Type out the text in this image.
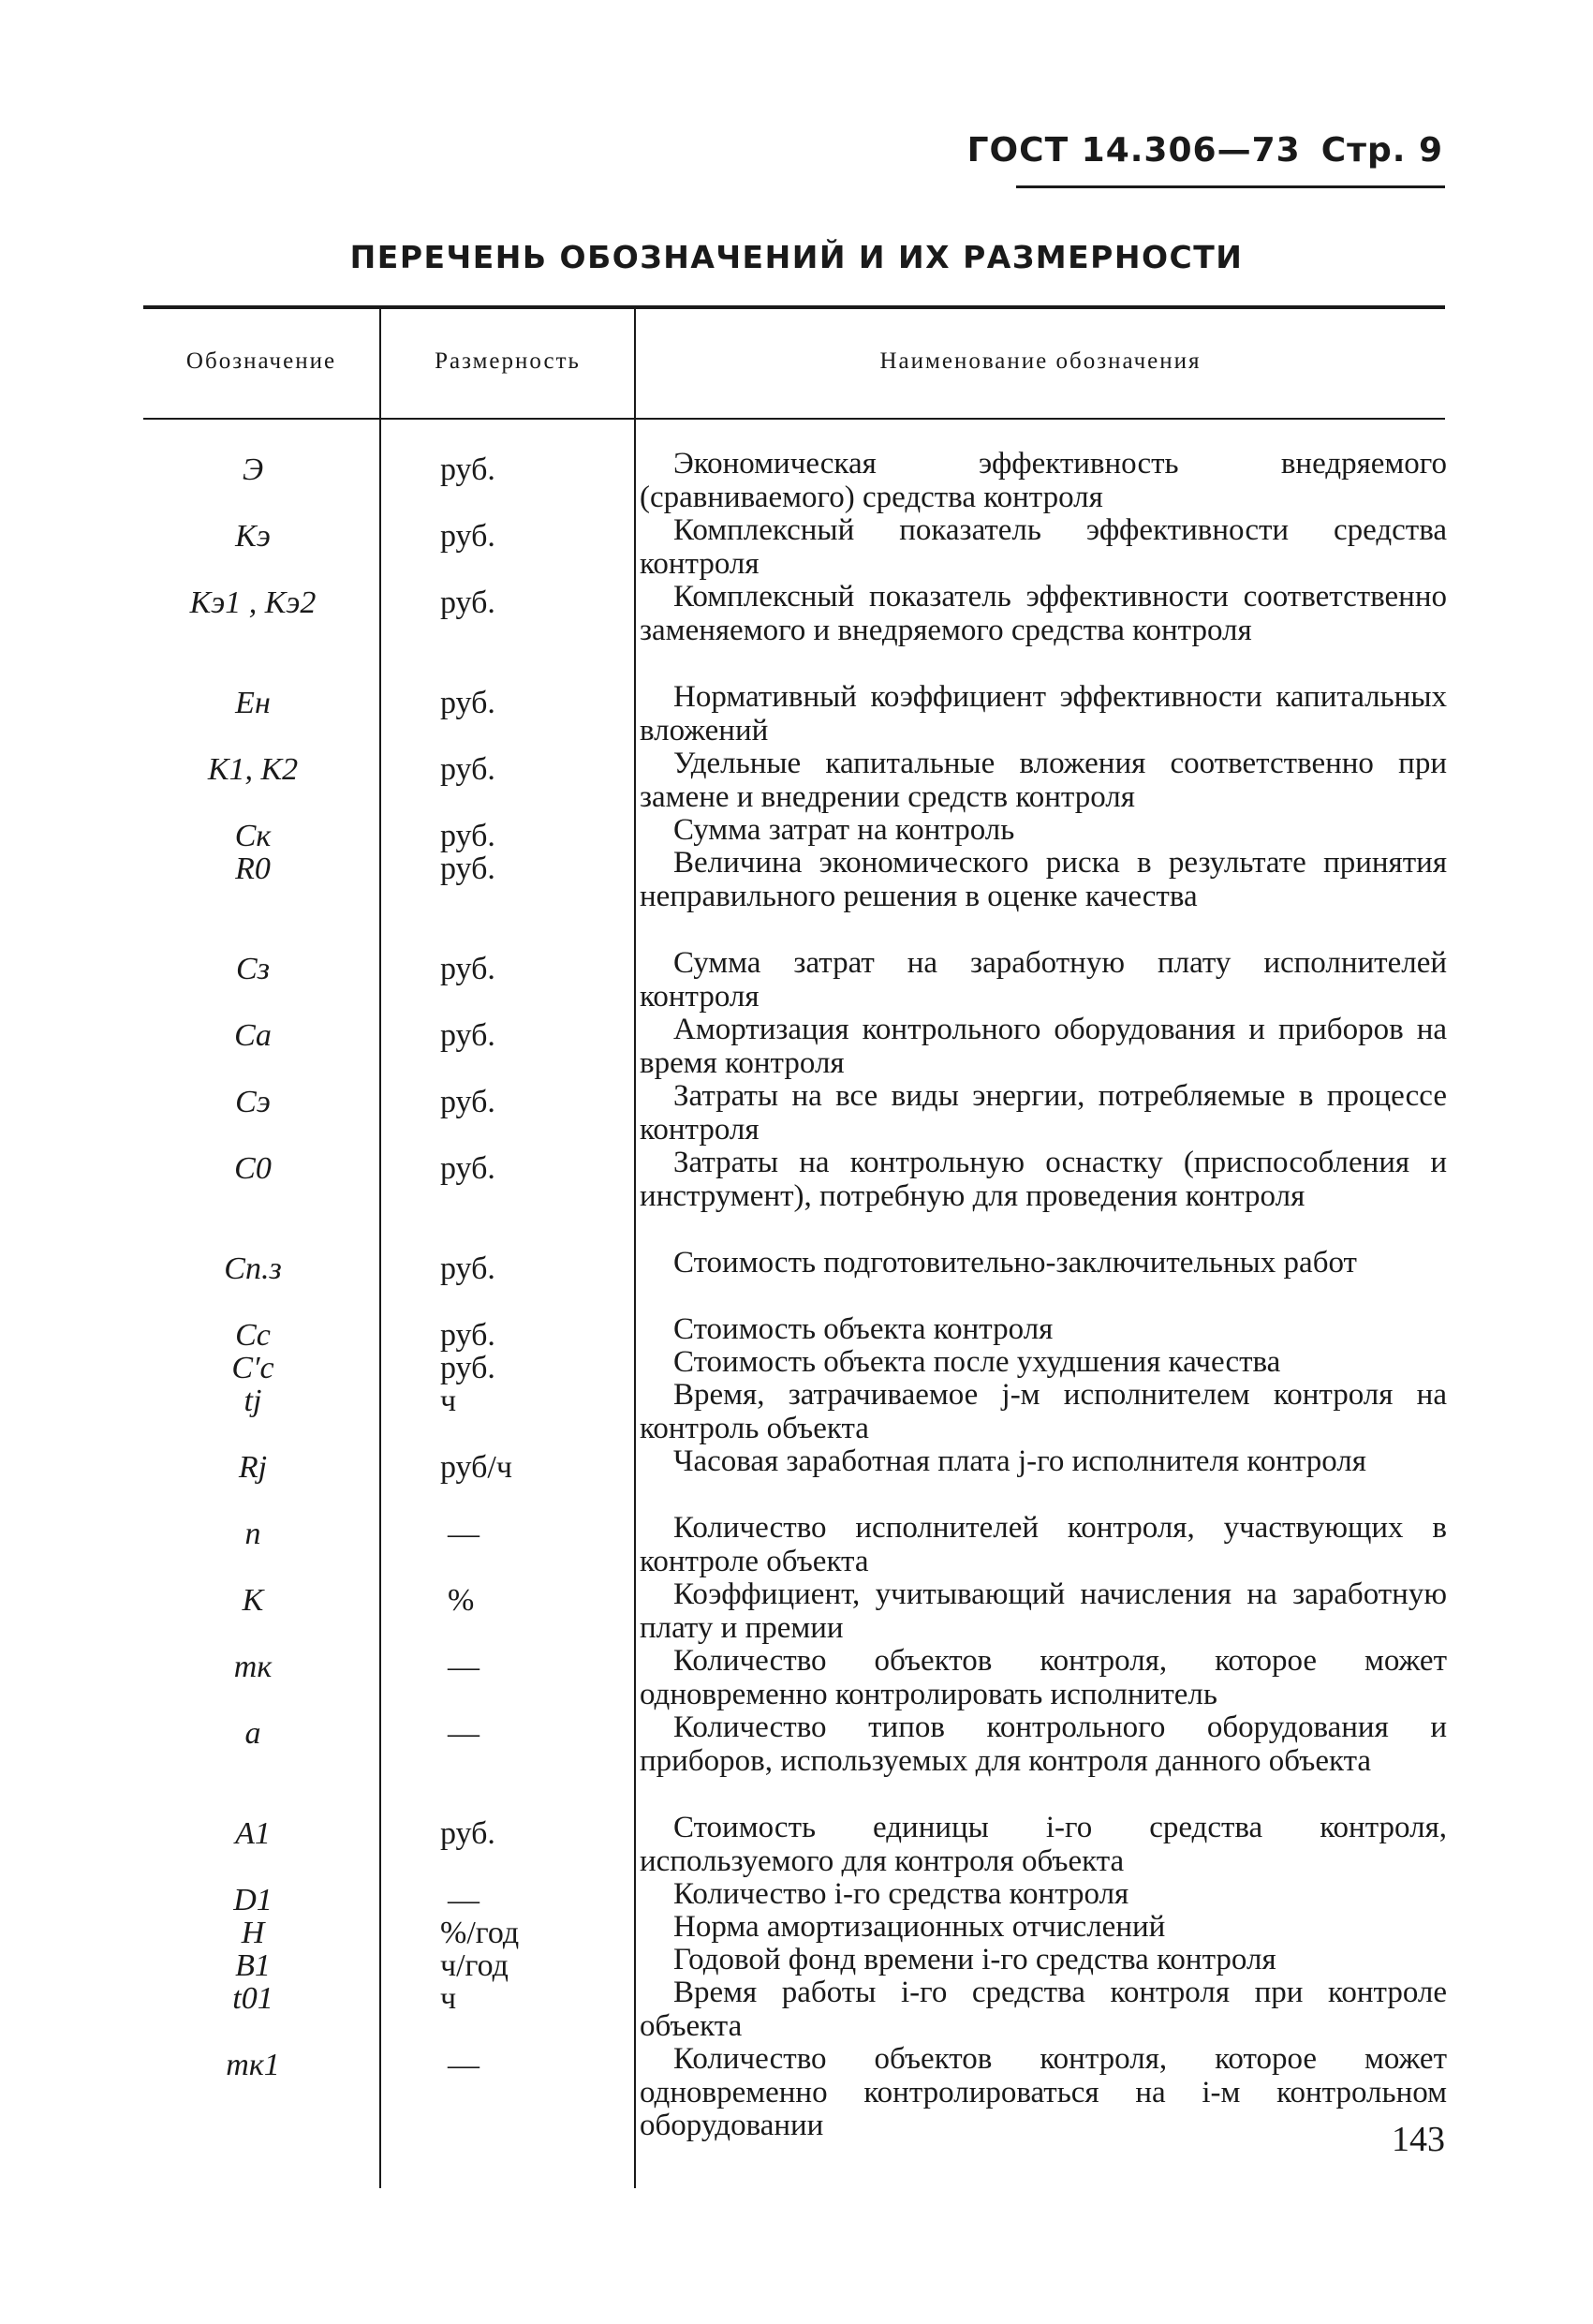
ГОСТ 14.306—73 Стр. 9
ПЕРЕЧЕНЬ ОБОЗНАЧЕНИЙ И ИХ РАЗМЕРНОСТИ
Обозначение	Размерность	Наименование обозначения
Э	руб.	Экономическая эффективность внедряемого (сравниваемого) средства контроля
Kэ	руб.	Комплексный показатель эффективности средства контроля
Kэ1 , Kэ2	руб.	Комплексный показатель эффективности соответственно заменяемого и внедряемого средства контроля
Eн	руб.	Нормативный коэффициент эффективности капитальных вложений
K1, K2	руб.	Удельные капитальные вложения соответственно при замене и внедрении средств контроля
Cк	руб.	Сумма затрат на контроль
R0	руб.	Величина экономического риска в результате принятия неправильного решения в оценке качества
Cз	руб.	Сумма затрат на заработную плату исполнителей контроля
Cа	руб.	Амортизация контрольного оборудования и приборов на время контроля
Cэ	руб.	Затраты на все виды энергии, потребляемые в процессе контроля
C0	руб.	Затраты на контрольную оснастку (приспособления и инструмент), потребную для проведения контроля
Cп.з	руб.	Стоимость подготовительно-заключительных работ
Cc	руб.	Стоимость объекта контроля
C′c	руб.	Стоимость объекта после ухудшения качества
tj	ч	Время, затрачиваемое j-м исполнителем контроля на контроль объекта
Rj	руб/ч	Часовая заработная плата j-го исполнителя контроля
n	—	Количество исполнителей контроля, участвующих в контроле объекта
K	%	Коэффициент, учитывающий начисления на заработную плату и премии
mк	—	Количество объектов контроля, которое может одновременно контролировать исполнитель
a	—	Количество типов контрольного оборудования и приборов, используемых для контроля данного объекта
A1	руб.	Стоимость единицы i-го средства контроля, используемого для контроля объекта
D1	—	Количество i-го средства контроля
H	%/год	Норма амортизационных отчислений
B1	ч/год	Годовой фонд времени i-го средства контроля
t01	ч	Время работы i-го средства контроля при контроле объекта
mк1	—	Количество объектов контроля, которое может одновременно контролироваться на i-м контрольном оборудовании	143
